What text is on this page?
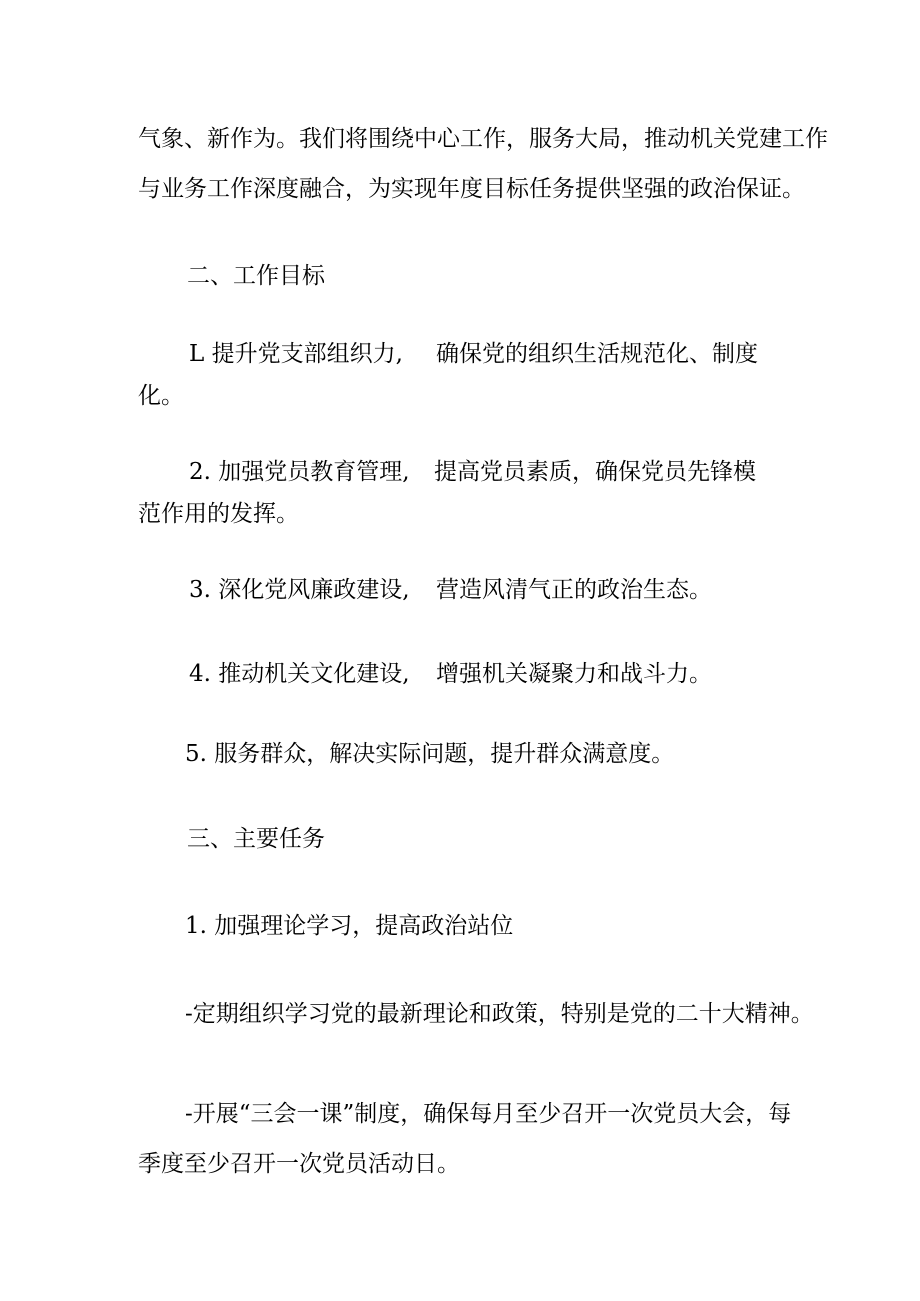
气象、新作为。我们将围绕中心工作，服务大局，推动机关党建工作

与业务工作深度融合，为实现年度目标任务提供坚强的政治保证。

二、工作目标

L 提升党支部组织力, 确保党的组织生活规范化、制度

化。

2. 加强党员教育管理, 提高党员素质，确保党员先锋模

范作用的发挥。

3. 深化党风廉政建设, 营造风清气正的政治生态。
4. 推动机关文化建设, 增强机关凝聚力和战斗力。

5. 服务群众，解决实际问题，提升群众满意度。

三、主要任务

1. 加强理论学习，提高政治站位

-定期组织学习党的最新理论和政策，特别是党的二十大精神。

-开展“三会一课”制度，确保每月至少召开一次党员大会，每

季度至少召开一次党员活动日。
